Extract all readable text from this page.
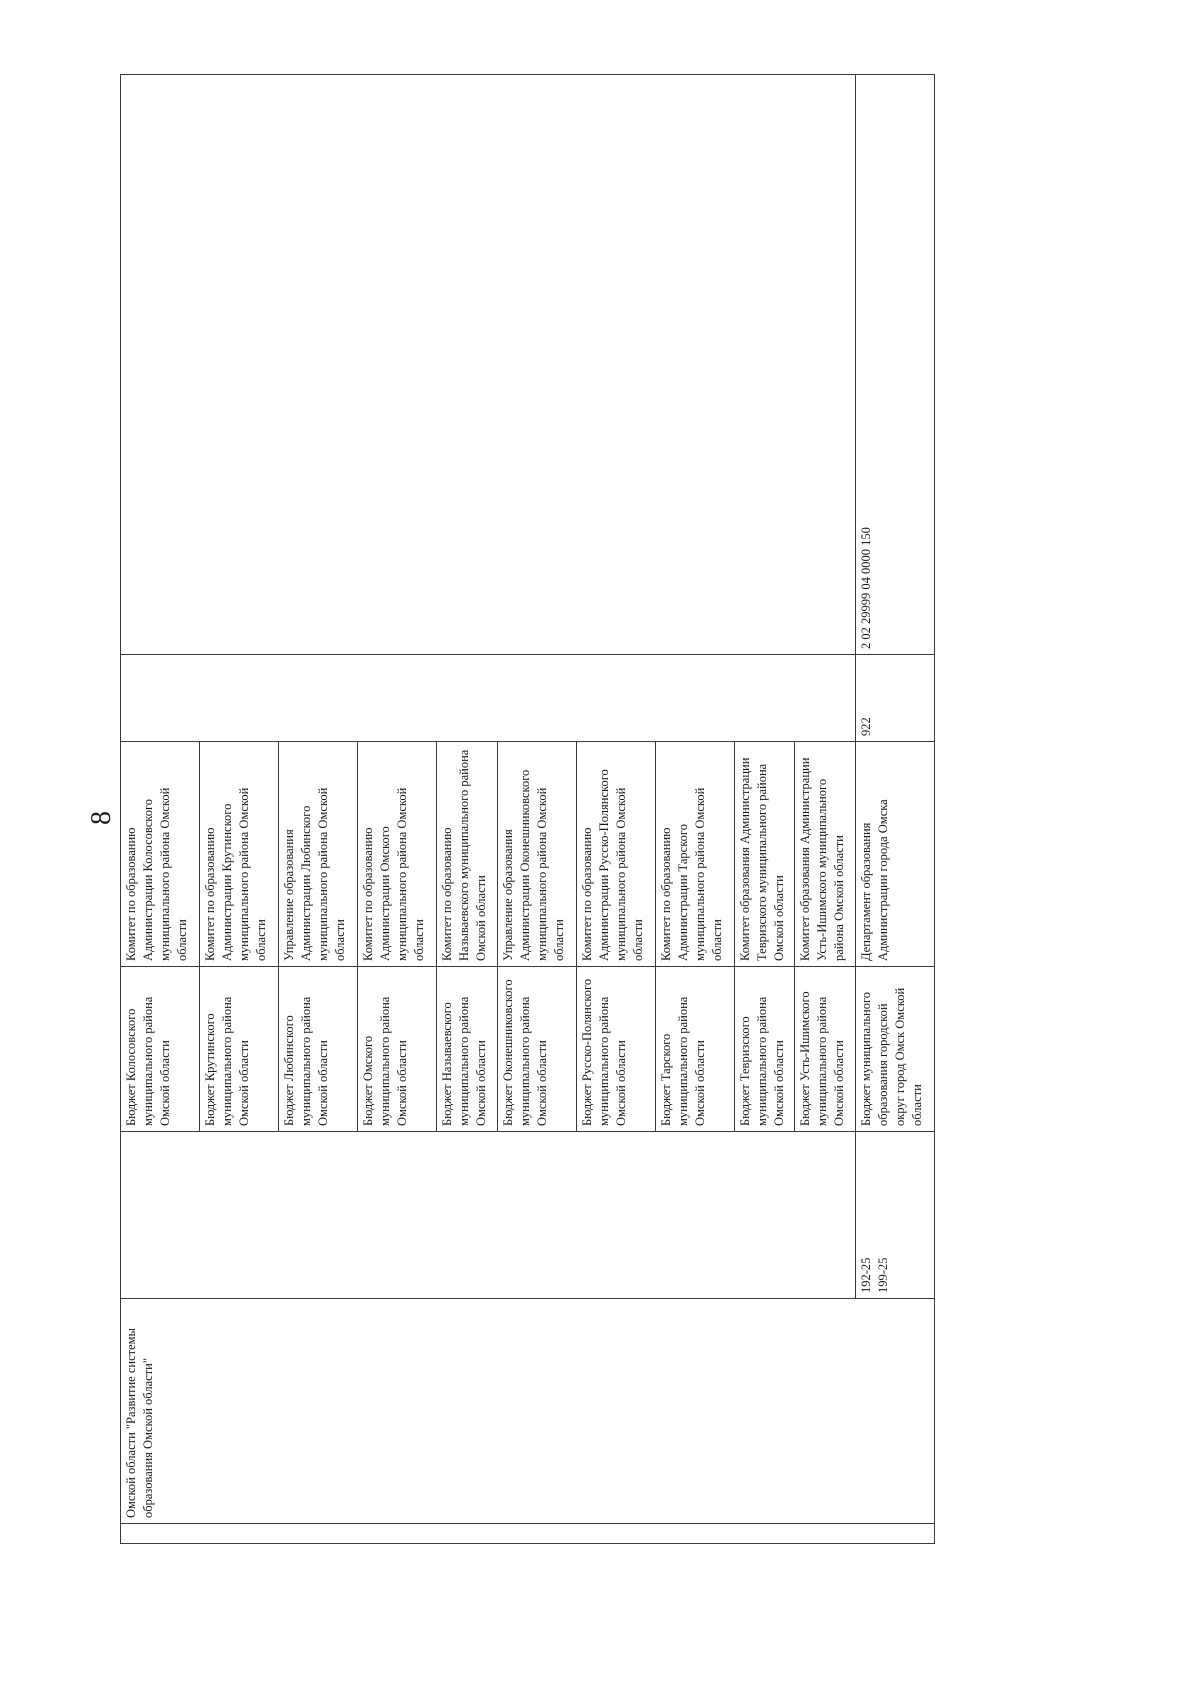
8
	Омской области "Развитие системы образования Омской области"		Бюджет Колосовского муниципального района Омской области	Комитет по образованию Администрации Колосовского муниципального района Омской области		
			Бюджет Крутинского муниципального района Омской области	Комитет по образованию Администрации Крутинского муниципального района Омской области		
			Бюджет Любинского муниципального района Омской области	Управление образования Администрации Любинского муниципального района Омской области		
			Бюджет Омского муниципального района Омской области	Комитет по образованию Администрации Омского муниципального района Омской области		
			Бюджет Называевского муниципального района Омской области	Комитет по образованию Называевского муниципального района Омской области		
			Бюджет Оконешниковского муниципального района Омской области	Управление образования Администрации Оконешниковского муниципального района Омской области		
			Бюджет Русско-Полянского муниципального района Омской области	Комитет по образованию Администрации Русско-Полянского муниципального района Омской области		
			Бюджет Тарского муниципального района Омской области	Комитет по образованию Администрации Тарского муниципального района Омской области		
			Бюджет Тевризского муниципального района Омской области	Комитет образования Администрации Тевризского муниципального района Омской области		
			Бюджет Усть-Ишимского муниципального района Омской области	Комитет образования Администрации Усть-Ишимского муниципального района Омской области		

		192-25 199-25	Бюджет муниципального образования городской округ город Омск Омской области	Департамент образования Администрации города Омска	922	2 02 29999 04 0000 150
